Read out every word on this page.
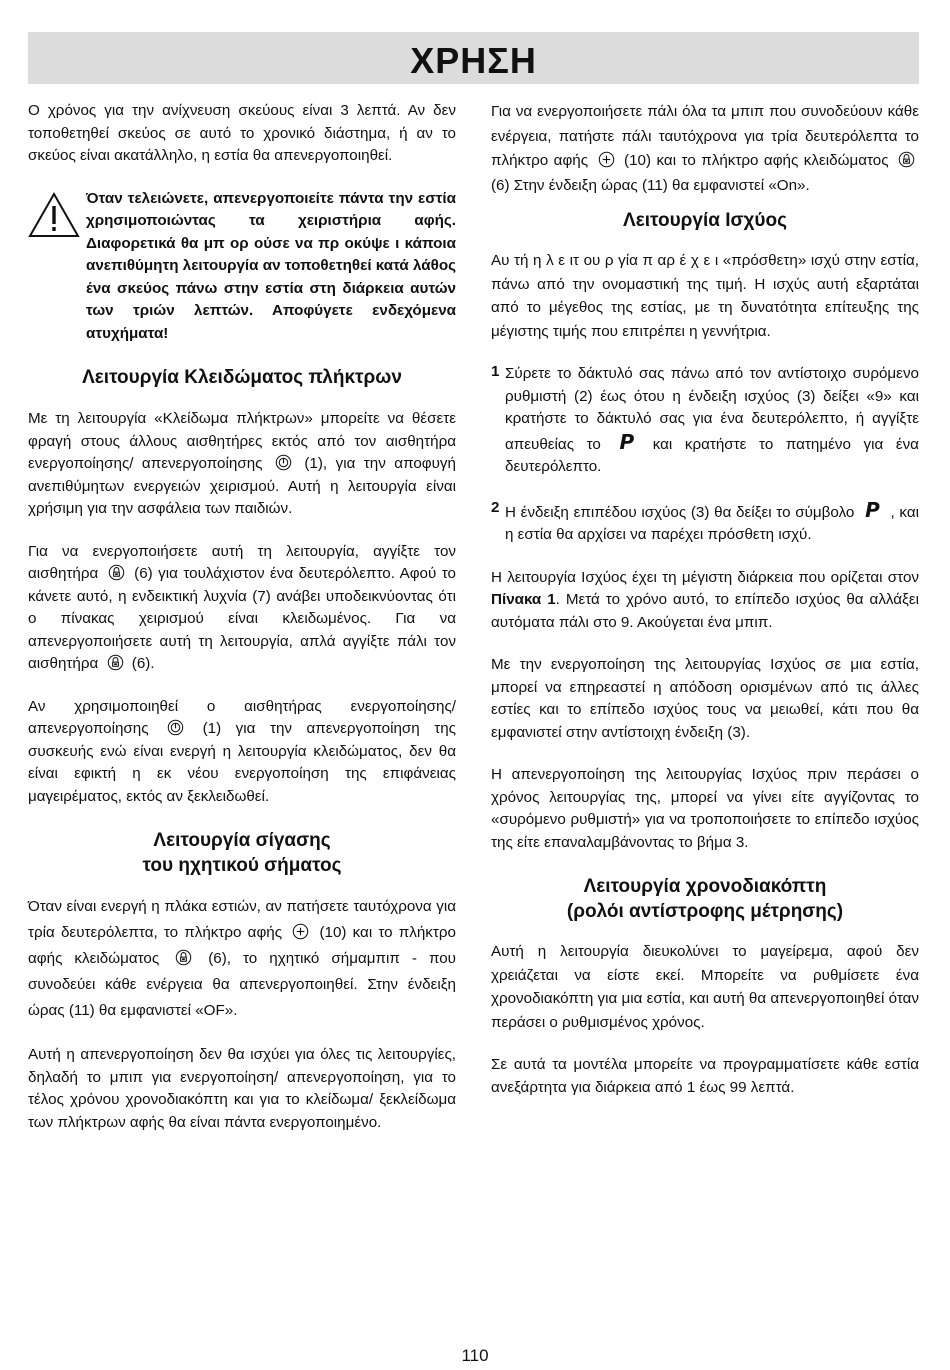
ΧΡΗΣΗ

Ο χρόνος για την ανίχνευση σκεύους είναι 3 λεπτά. Αν δεν τοποθετηθεί σκεύος σε αυτό το χρονικό διάστημα, ή αν το σκεύος είναι ακατάλληλο, η εστία θα απενεργοποιηθεί.

Όταν τελειώνετε, απενεργοποιείτε πάντα την εστία χρησιμοποιώντας τα χειριστήρια αφής. Διαφορετικά θα μπ ορ ούσε να πρ οκύψε ι κάποια ανεπιθύμητη λειτουργία αν τοποθετηθεί κατά λάθος ένα σκεύος πάνω στην εστία στη διάρκεια αυτών των τριών λεπτών. Αποφύγετε ενδεχόμενα ατυχήματα!

Λειτουργία Κλειδώματος πλήκτρων

Με τη λειτουργία «Κλείδωμα πλήκτρων» μπορείτε να θέσετε φραγή στους άλλους αισθητήρες εκτός από τον αισθητήρα ενεργοποίησης/ απενεργοποίησης	(1), για την αποφυγή ανεπιθύμητων ενεργειών χειρισμού. Αυτή η λειτουργία είναι χρήσιμη για την ασφάλεια των παιδιών.

Για να ενεργοποιήσετε αυτή τη λειτουργία, αγγίξτε τον αισθητήρα (6) για τουλάχιστον ένα δευτερόλεπτο. Αφού το κάνετε αυτό, η ενδεικτική λυχνία (7) ανάβει υποδεικνύοντας ότι ο πίνακας χειρισμού είναι κλειδωμένος. Για να απενεργοποιήσετε αυτή τη λειτουργία, απλά αγγίξτε πάλι τον αισθητήρα (6).

Αν χρησιμοποιηθεί ο αισθητήρας ενεργοποίησης/ απενεργοποίησης	(1) για την απενεργοποίηση της συσκευής ενώ είναι ενεργή η λειτουργία κλειδώματος, δεν θα είναι εφικτή η εκ νέου ενεργοποίηση της επιφάνειας μαγειρέματος, εκτός αν ξεκλειδωθεί.

Λειτουργία σίγασης
του ηχητικού σήματος

Όταν είναι ενεργή η πλάκα εστιών, αν πατήσετε ταυτόχρονα για τρία δευτερόλεπτα, το πλήκτρο αφής (10) και το πλήκτρο αφής κλειδώματος	(6), το ηχητικό σήμαμπιπ - που συνοδεύει κάθε ενέργεια θα απενεργοποιηθεί. Στην ένδειξη ώρας (11) θα εμφανιστεί «OF».

Αυτή η απενεργοποίηση δεν θα ισχύει για όλες τις λειτουργίες, δηλαδή το μπιπ για ενεργοποίηση/ απενεργοποίηση, για το τέλος χρόνου χρονοδιακόπτη και για το κλείδωμα/ ξεκλείδωμα των πλήκτρων αφής θα είναι πάντα ενεργοποιημένο.

Για να ενεργοποιήσετε πάλι όλα τα μπιπ που συνοδεύουν κάθε ενέργεια, πατήστε πάλι ταυτόχρονα για τρία δευτερόλεπτα το πλήκτρο αφής (10) και το πλήκτρο αφής κλειδώματος  (6) Στην ένδειξη ώρας (11) θα εμφανιστεί «On».

Λειτουργία Ισχύος

Αυ τή η λ ε ιτ ου ρ γία π αρ έ χ ε ι «πρόσθετη» ισχύ στην εστία, πάνω από την ονομαστική της τιμή. Η ισχύς αυτή εξαρτάται από το μέγεθος της εστίας, με τη δυνατότητα επίτευξης της μέγιστης τιμής που επιτρέπει η γεννήτρια.

1 Σύρετε το δάκτυλό σας πάνω από τον αντίστοιχο συρόμενο ρυθμιστή (2) έως ότου η ένδειξη ισχύος (3) δείξει «9» και κρατήστε το δάκτυλό σας για ένα δευτερόλεπτο, ή αγγίξτε απευθείας το P και κρατήστε το πατημένο για ένα δευτερόλεπτο.

2 Η ένδειξη επιπέδου ισχύος (3) θα δείξει το σύμβολο P , και η εστία θα αρχίσει να παρέχει πρόσθετη ισχύ.

Η λειτουργία Ισχύος έχει τη μέγιστη διάρκεια που ορίζεται στον Πίνακα 1. Μετά το χρόνο αυτό, το επίπεδο ισχύος θα αλλάξει αυτόματα πάλι στο 9. Ακούγεται ένα μπιπ.

Με την ενεργοποίηση της λειτουργίας Ισχύος σε μια εστία, μπορεί να επηρεαστεί η απόδοση ορισμένων από τις άλλες εστίες και το επίπεδο ισχύος τους να μειωθεί, κάτι που θα εμφανιστεί στην αντίστοιχη ένδειξη (3).

Η απενεργοποίηση της λειτουργίας Ισχύος πριν περάσει ο χρόνος λειτουργίας της, μπορεί να γίνει είτε αγγίζοντας το «συρόμενο ρυθμιστή» για να τροποποιήσετε το επίπεδο ισχύος της είτε επαναλαμβάνοντας το βήμα 3.

Λειτουργία χρονοδιακόπτη
(ρολόι αντίστροφης μέτρησης)

Αυτή η λειτουργία διευκολύνει το μαγείρεμα, αφού δεν χρειάζεται να είστε εκεί. Μπορείτε να ρυθμίσετε ένα χρονοδιακόπτη για μια εστία, και αυτή θα απενεργοποιηθεί όταν περάσει ο ρυθμισμένος χρόνος.

Σε αυτά τα μοντέλα μπορείτε να προγραμματίσετε κάθε εστία ανεξάρτητα για διάρκεια από 1 έως 99 λεπτά.

110
